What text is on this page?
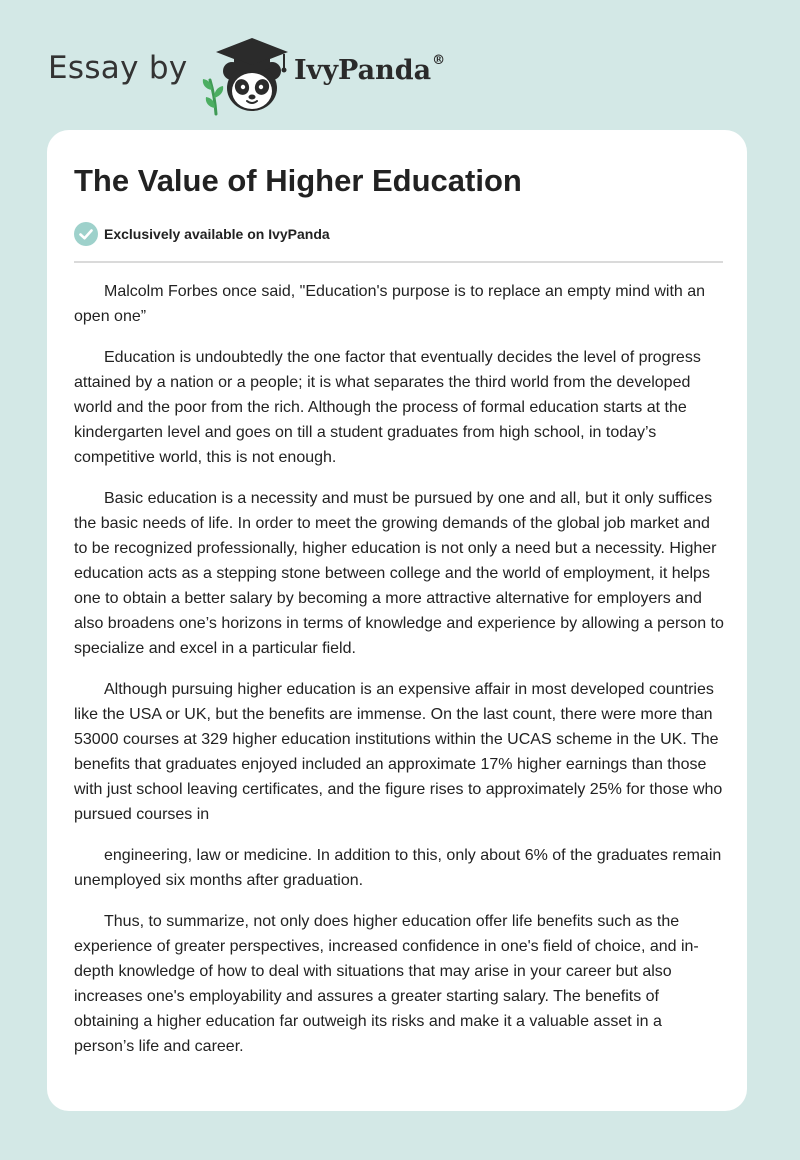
Essay by	IvyPanda®
The Value of Higher Education
Exclusively available on IvyPanda

Malcolm Forbes once said, "Education's purpose is to replace an empty mind with an open one”

Education is undoubtedly the one factor that eventually decides the level of progress attained by a nation or a people; it is what separates the third world from the developed world and the poor from the rich. Although the process of formal education starts at the kindergarten level and goes on till a student graduates from high school, in today’s competitive world, this is not enough.

Basic education is a necessity and must be pursued by one and all, but it only suffices the basic needs of life. In order to meet the growing demands of the global job market and to be recognized professionally, higher education is not only a need but a necessity. Higher education acts as a stepping stone between college and the world of employment, it helps one to obtain a better salary by becoming a more attractive alternative for employers and also broadens one’s horizons in terms of knowledge and experience by allowing a person to specialize and excel in a particular field.

Although pursuing higher education is an expensive affair in most developed countries like the USA or UK, but the benefits are immense. On the last count, there were more than 53000 courses at 329 higher education institutions within the UCAS scheme in the UK. The benefits that graduates enjoyed included an approximate 17% higher earnings than those with just school leaving certificates, and the figure rises to approximately 25% for those who pursued courses in

engineering, law or medicine. In addition to this, only about 6% of the graduates remain unemployed six months after graduation.

Thus, to summarize, not only does higher education offer life benefits such as the experience of greater perspectives, increased confidence in one's field of choice, and in-depth knowledge of how to deal with situations that may arise in your career but also increases one's employability and assures a greater starting salary. The benefits of obtaining a higher education far outweigh its risks and make it a valuable asset in a person’s life and career.
